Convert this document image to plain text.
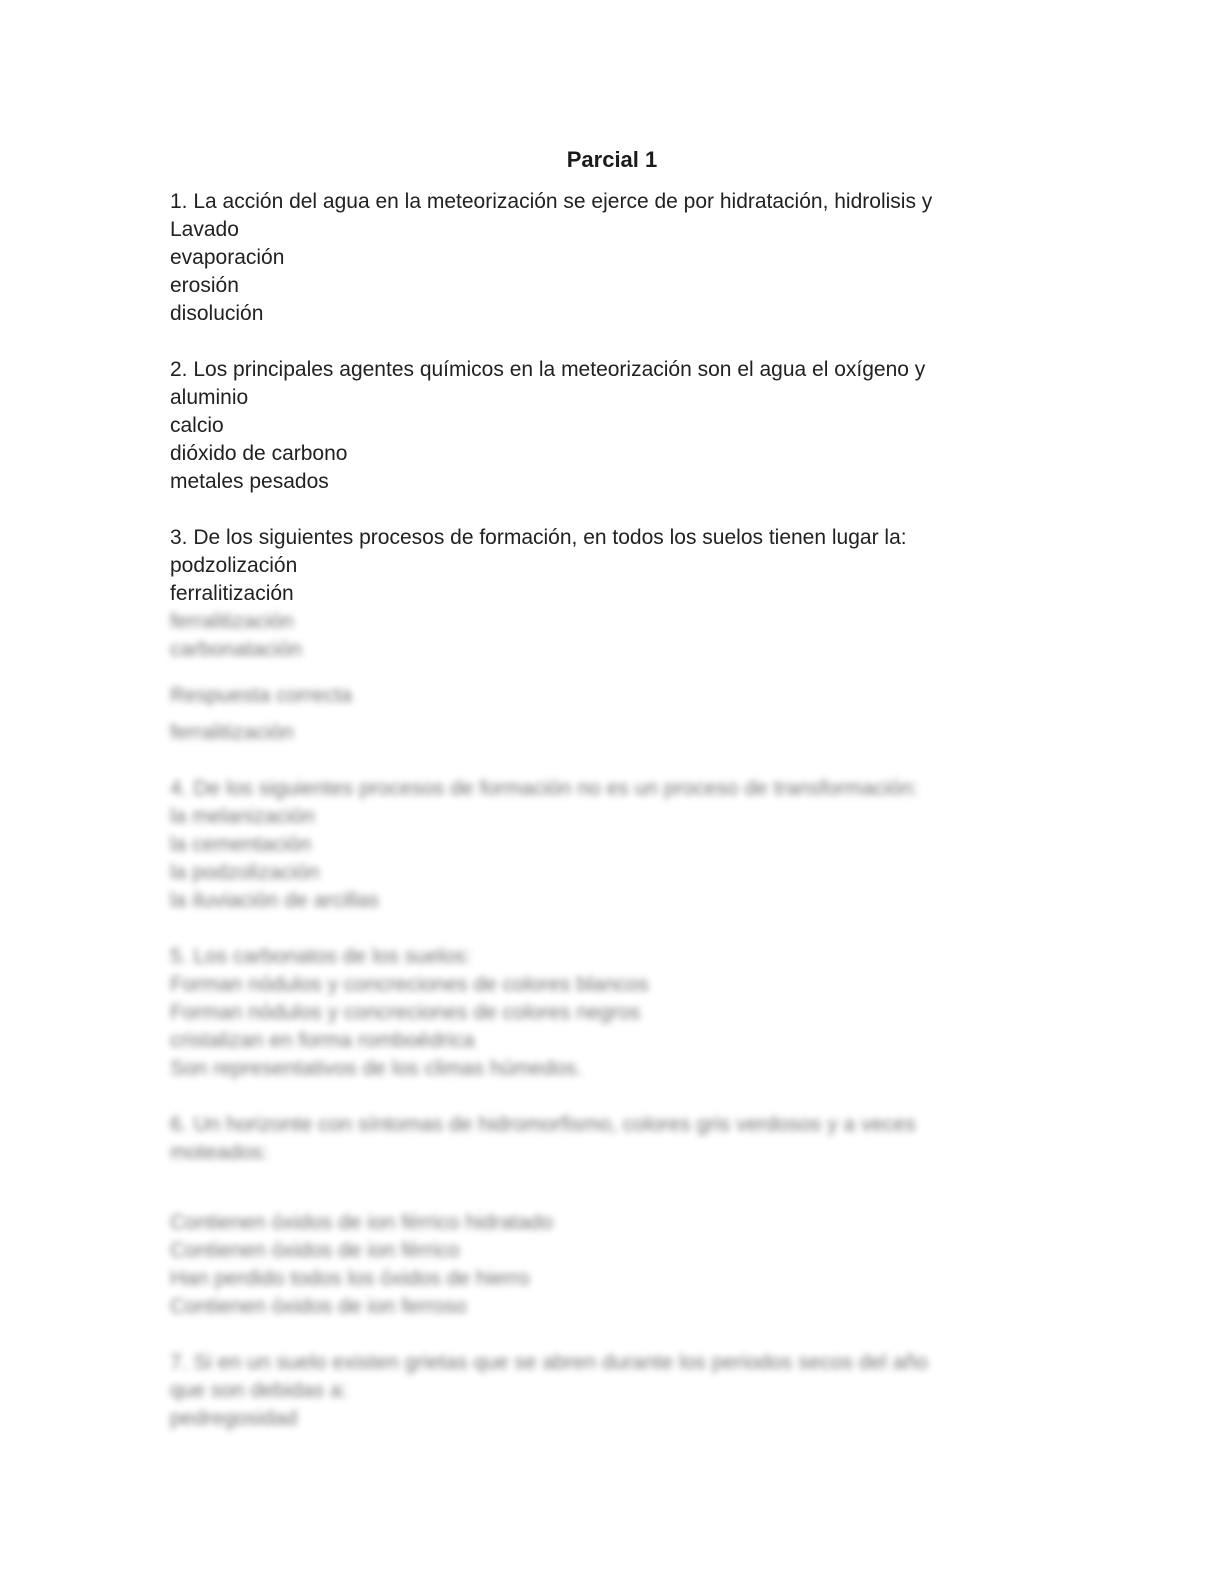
Parcial 1
1. La acción del agua en la meteorización se ejerce de por hidratación, hidrolisis y
Lavado
evaporación
erosión
disolución
2. Los principales agentes químicos en la meteorización son el agua el oxígeno y
aluminio
calcio
dióxido de carbono
metales pesados
3. De los siguientes procesos de formación, en todos los suelos tienen lugar la:
podzolización
ferralitización
ferralitización
carbonatación
Respuesta correcta
ferralitización
4. De los siguientes procesos de formación no es un proceso de transformación:
la melanización
la cementación
la podzolización
la iluviación de arcillas
5. Los carbonatos de los suelos:
Forman nódulos y concreciones de colores blancos
Forman nódulos y concreciones de colores negros
cristalizan en forma romboédrica
Son representativos de los climas húmedos.
6. Un horizonte con síntomas de hidromorfismo, colores gris verdosos y a veces
moteados:
Contienen óxidos de ion férrico hidratado
Contienen óxidos de ion férrico
Han perdido todos los óxidos de hierro
Contienen óxidos de ion ferroso
7. Si en un suelo existen grietas que se abren durante los periodos secos del año
que son debidas a:
pedregosidad
